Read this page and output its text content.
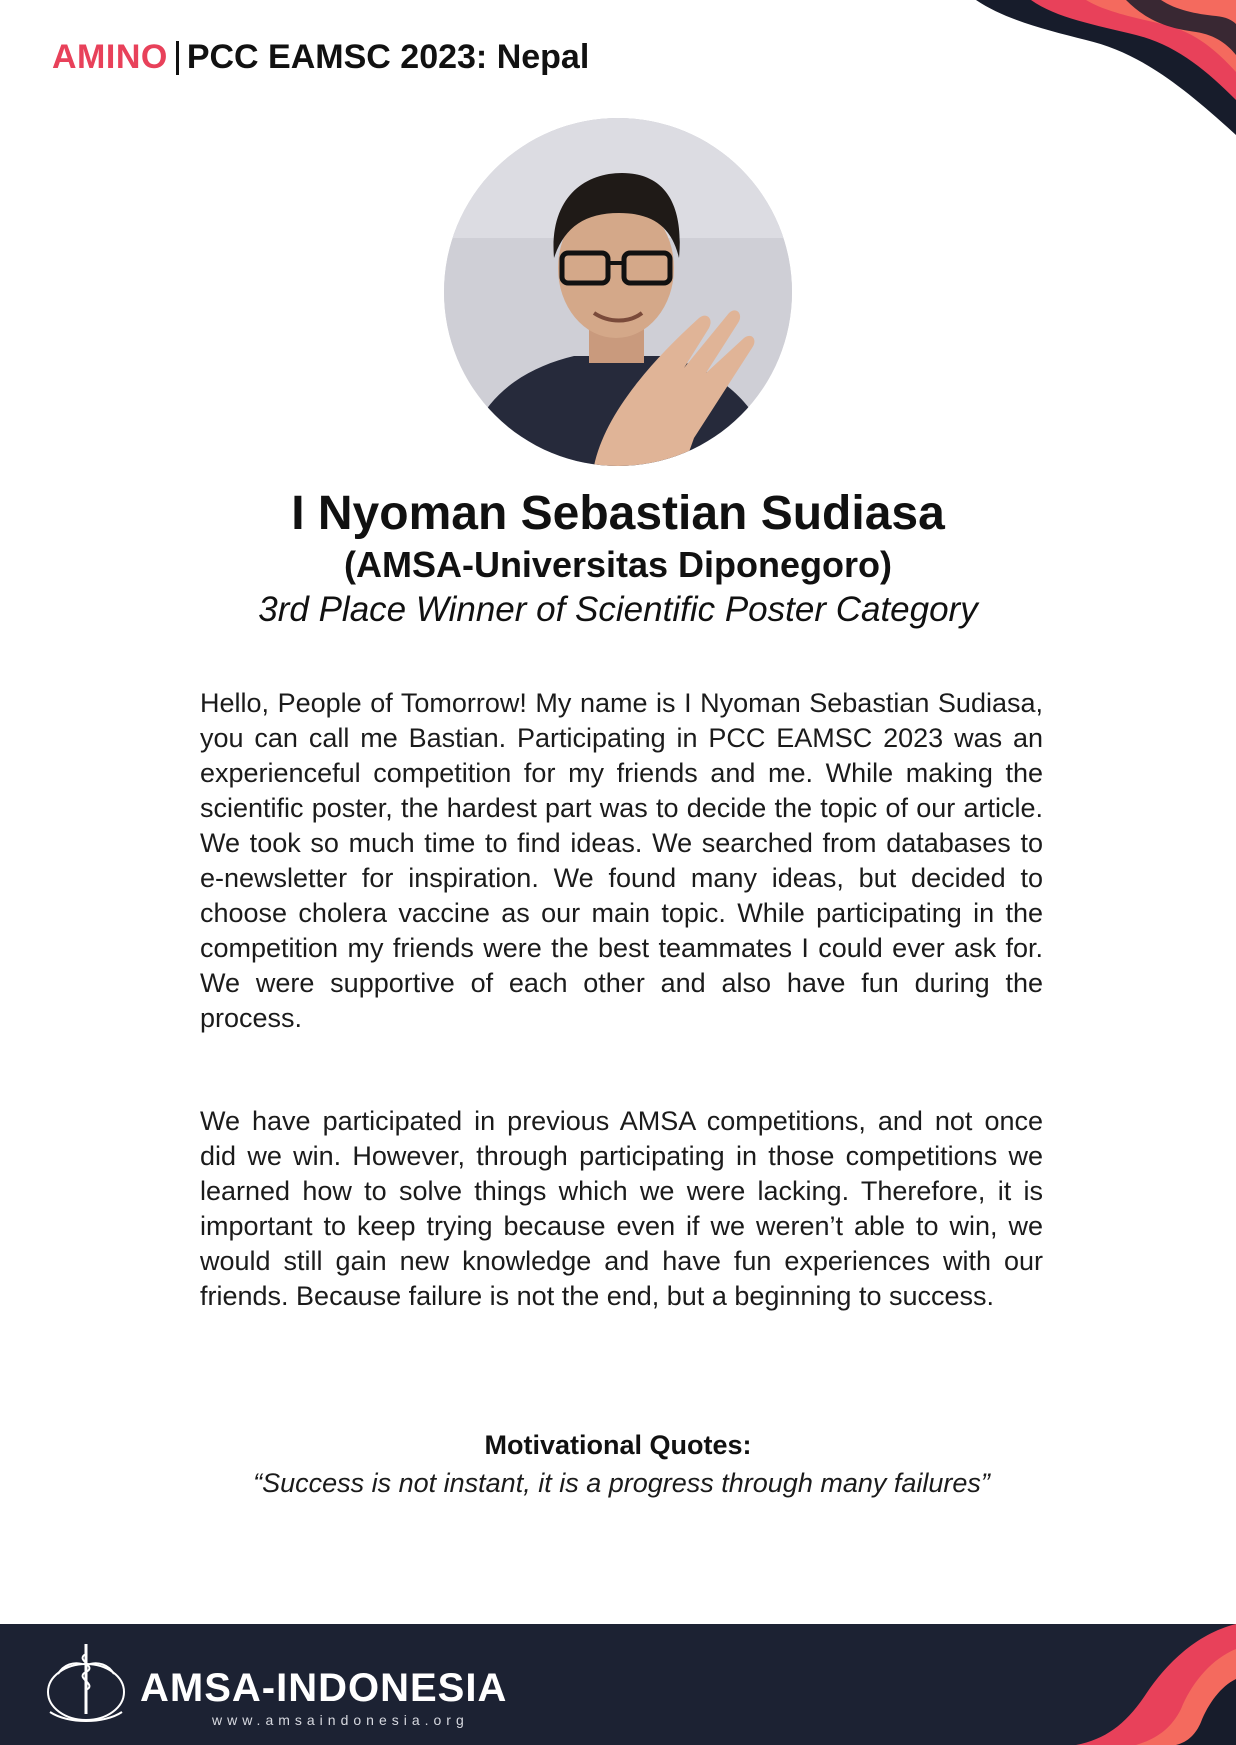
AMINO PCC EAMSC 2023: Nepal
I Nyoman Sebastian Sudiasa
(AMSA-Universitas Diponegoro)
3rd Place Winner of Scientific Poster Category
Hello, People of Tomorrow! My name is I Nyoman Sebastian Sudiasa, you can call me Bastian. Participating in PCC EAMSC 2023 was an experienceful competition for my friends and me. While making the scientific poster, the hardest part was to decide the topic of our article. We took so much time to find ideas. We searched from databases to e-newsletter for inspiration. We found many ideas, but decided to choose cholera vaccine as our main topic. While participating in the competition my friends were the best teammates I could ever ask for. We were supportive of each other and also have fun during the process.
We have participated in previous AMSA competitions, and not once did we win. However, through participating in those competitions we learned how to solve things which we were lacking. Therefore, it is important to keep trying because even if we weren’t able to win, we would still gain new knowledge and have fun experiences with our friends. Because failure is not the end, but a beginning to success.
Motivational Quotes:
“Success is not instant, it is a progress through many failures”
AMSA-INDONESIA
www.amsaindonesia.org
